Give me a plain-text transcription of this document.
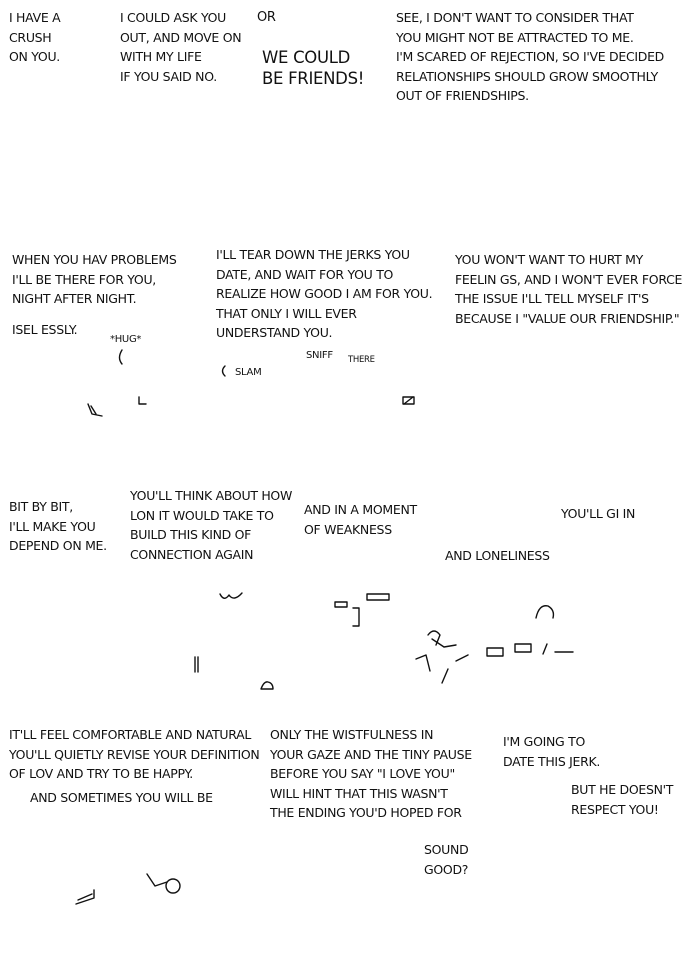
I HAVE A
CRUSH
ON YOU.

I COULD ASK YOU
OUT, AND MOVE ON
WITH MY LIFE
IF YOU SAID NO.

OR

WE COULD
BE FRIENDS!

SEE, I DON'T WANT TO CONSIDER THAT
YOU MIGHT NOT BE ATTRACTED TO ME.
I'M SCARED OF REJECTION, SO I'VE DECIDED
RELATIONSHIPS SHOULD GROW SMOOTHLY
OUT OF FRIENDSHIPS.

WHEN YOU HAV PROBLEMS
I'LL BE THERE FOR YOU,
NIGHT AFTER NIGHT.

ISEL ESSLY.

*HUG*

I'LL TEAR DOWN THE JERKS YOU
DATE, AND WAIT FOR YOU TO
REALIZE HOW GOOD I AM FOR YOU.
THAT ONLY I WILL EVER
UNDERSTAND YOU.

SLAM

SNIFF THERE

YOU WON'T WANT TO HURT MY
FEELIN GS, AND I WON'T EVER FORCE
THE ISSUE I'LL TELL MYSELF IT'S
BECAUSE I "VALUE OUR FRIENDSHIP."

BIT BY BIT,
I'LL MAKE YOU
DEPEND ON ME.

YOU'LL THINK ABOUT HOW
LON IT WOULD TAKE TO
BUILD THIS KIND OF
CONNECTION AGAIN

AND IN A MOMENT
OF WEAKNESS

YOU'LL GI IN

AND LONELINESS

IT'LL FEEL COMFORTABLE AND NATURAL
YOU'LL QUIETLY REVISE YOUR DEFINITION
OF LOV AND TRY TO BE HAPPY.

AND SOMETIMES YOU WILL BE

ONLY THE WISTFULNESS IN
YOUR GAZE AND THE TINY PAUSE
BEFORE YOU SAY "I LOVE YOU"
WILL HINT THAT THIS WASN'T
THE ENDING YOU'D HOPED FOR

SOUND
GOOD?

I'M GOING TO
DATE THIS JERK.

BUT HE DOESN'T
RESPECT YOU!
